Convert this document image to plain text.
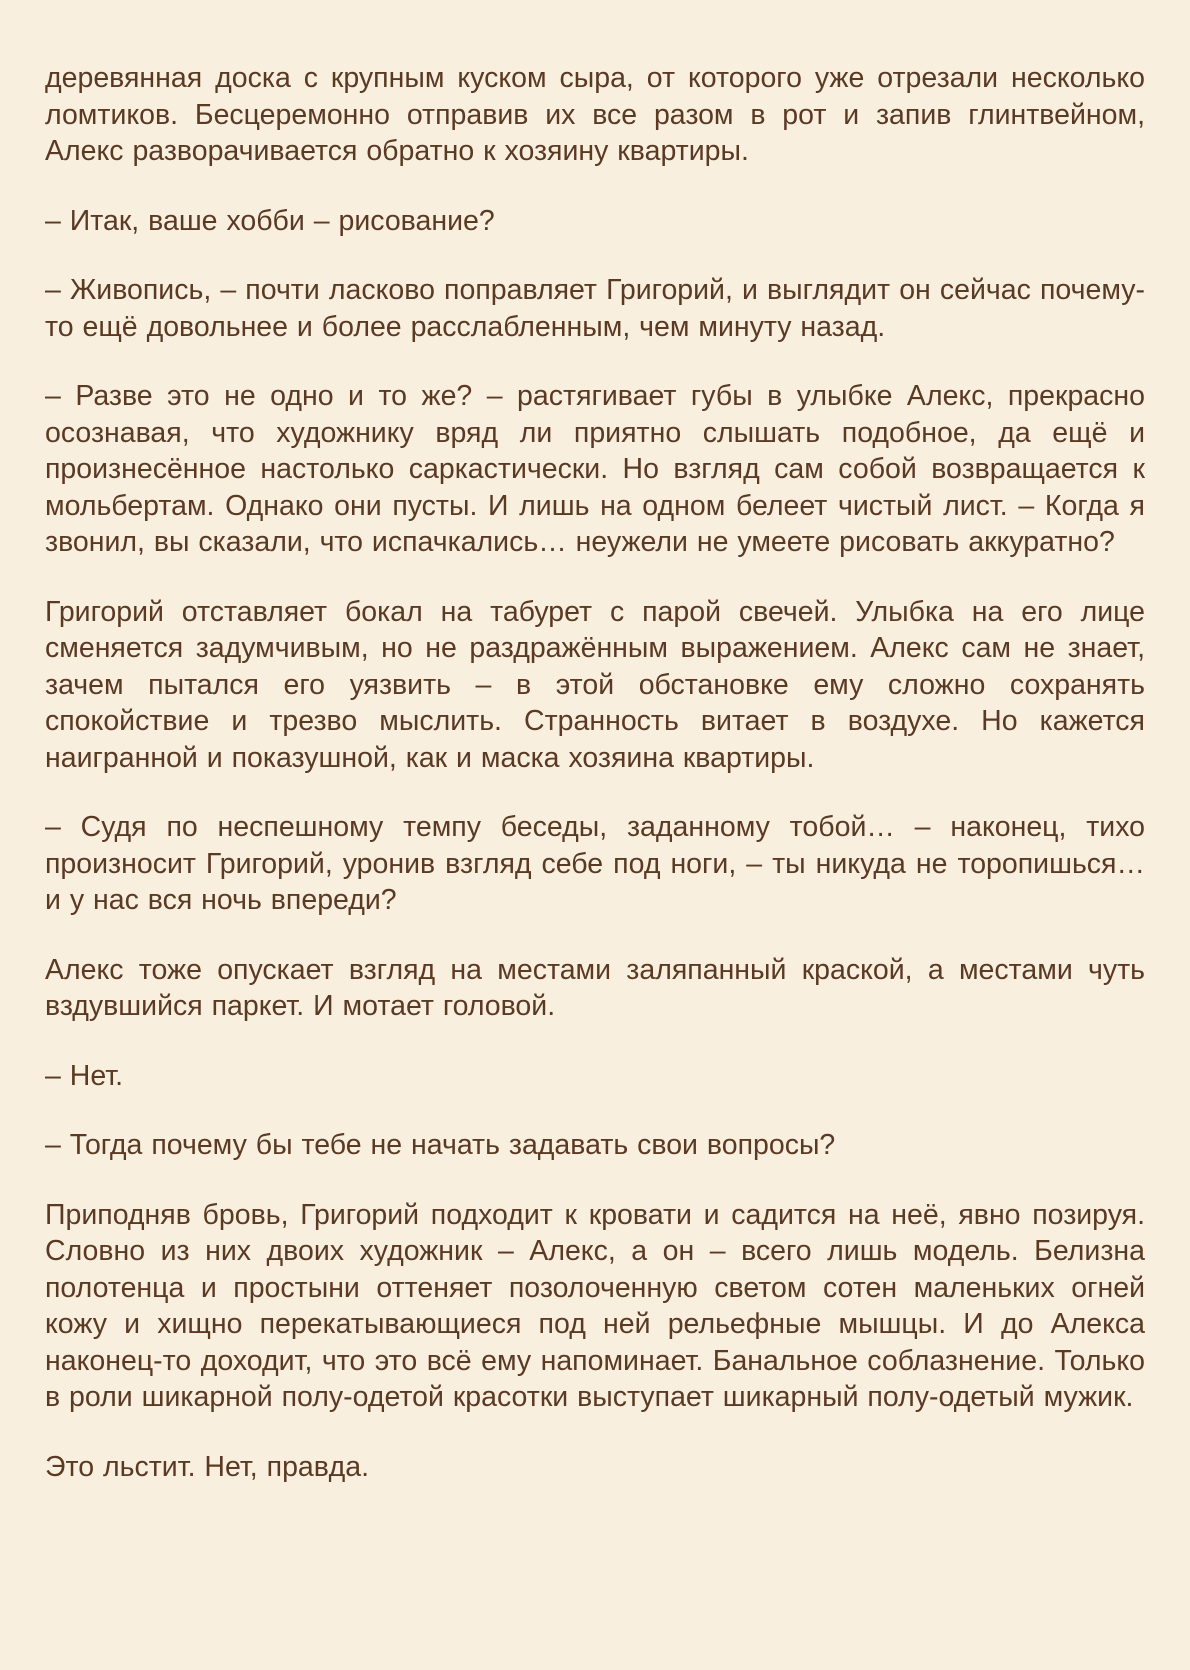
деревянная доска с крупным куском сыра, от которого уже отрезали несколько ломтиков. Бесцеремонно отправив их все разом в рот и запив глинтвейном, Алекс разворачивается обратно к хозяину квартиры.

– Итак, ваше хобби – рисование?

– Живопись, – почти ласково поправляет Григорий, и выглядит он сейчас почему-то ещё довольнее и более расслабленным, чем минуту назад.

– Разве это не одно и то же? – растягивает губы в улыбке Алекс, прекрасно осознавая, что художнику вряд ли приятно слышать подобное, да ещё и произнесённое настолько саркастически. Но взгляд сам собой возвращается к мольбертам. Однако они пусты. И лишь на одном белеет чистый лист. – Когда я звонил, вы сказали, что испачкались… неужели не умеете рисовать аккуратно?

Григорий отставляет бокал на табурет с парой свечей. Улыбка на его лице сменяется задумчивым, но не раздражённым выражением. Алекс сам не знает, зачем пытался его уязвить – в этой обстановке ему сложно сохранять спокойствие и трезво мыслить. Странность витает в воздухе. Но кажется наигранной и показушной, как и маска хозяина квартиры.

– Судя по неспешному темпу беседы, заданному тобой… – наконец, тихо произносит Григорий, уронив взгляд себе под ноги, – ты никуда не торопишься… и у нас вся ночь впереди?

Алекс тоже опускает взгляд на местами заляпанный краской, а местами чуть вздувшийся паркет. И мотает головой.

– Нет.

– Тогда почему бы тебе не начать задавать свои вопросы?

Приподняв бровь, Григорий подходит к кровати и садится на неё, явно позируя. Словно из них двоих художник – Алекс, а он – всего лишь модель. Белизна полотенца и простыни оттеняет позолоченную светом сотен маленьких огней кожу и хищно перекатывающиеся под ней рельефные мышцы. И до Алекса наконец-то доходит, что это всё ему напоминает. Банальное соблазнение. Только в роли шикарной полу-одетой красотки выступает шикарный полу-одетый мужик.

Это льстит. Нет, правда.
